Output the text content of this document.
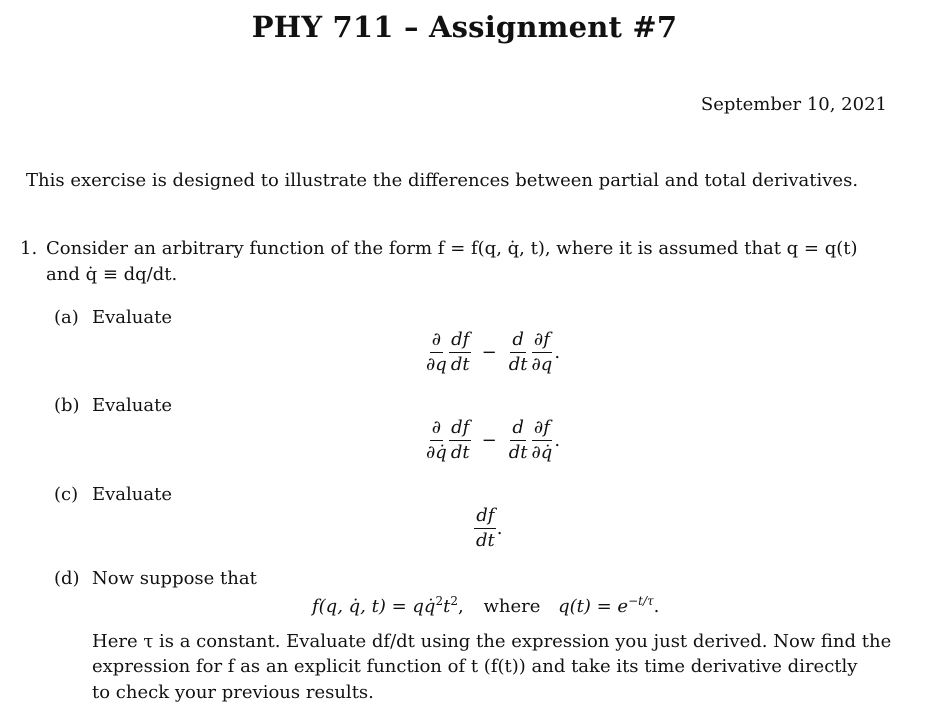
PHY 711 – Assignment #7
September 10, 2021
This exercise is designed to illustrate the differences between partial and total derivatives.
1. Consider an arbitrary function of the form f = f(q, q̇, t), where it is assumed that q = q(t)
and q̇ ≡ dq/dt.
(a) Evaluate
$\frac{\partial}{\partial q} \frac{df}{dt} - \frac{d}{dt} \frac{\partial f}{\partial q}$ .
(b) Evaluate
$\frac{\partial}{\partial q̇} \frac{df}{dt} - \frac{d}{dt} \frac{\partial f}{\partial q̇}$ .
(c) Evaluate
$\frac{df}{dt}$ .
(d) Now suppose that
f(q, q̇, $t) = qq̇^2t^2$, where $q(t) = e^{-t/\tau}$.
Here τ is a constant. Evaluate df/dt using the expression you just derived. Now find the
expression for f as an explicit function of t (f(t)) and take its time derivative directly
to check your previous results.
